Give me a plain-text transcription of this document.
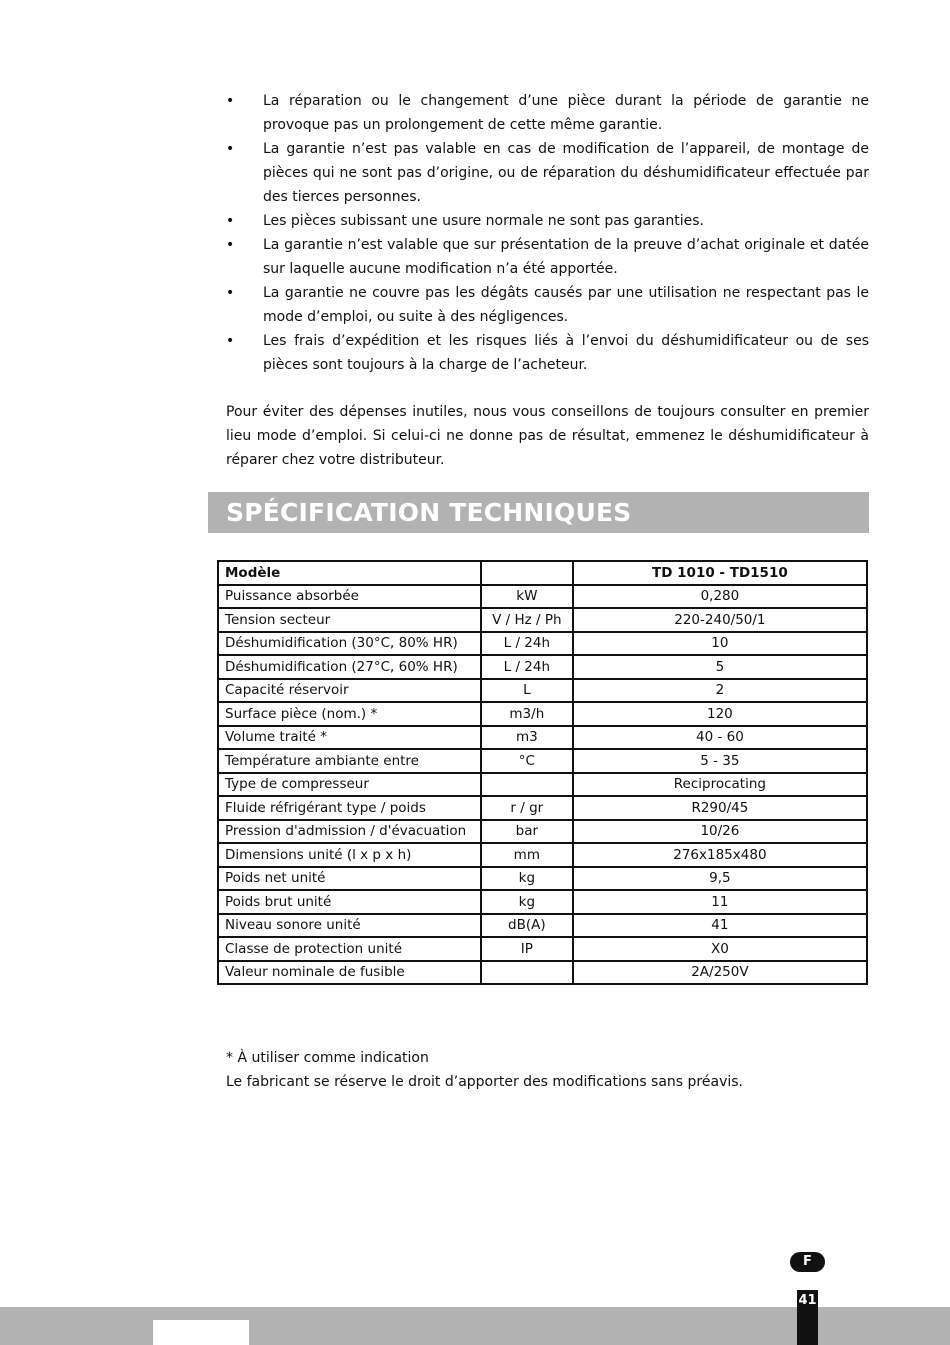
• La réparation ou le changement d’une pièce durant la période de garantie ne provoque pas un prolongement de cette même garantie.
• La garantie n’est pas valable en cas de modification de l’appareil, de montage de pièces qui ne sont pas d’origine, ou de réparation du déshumidificateur effectuée par des tierces personnes.
• Les pièces subissant une usure normale ne sont pas garanties.
• La garantie n’est valable que sur présentation de la preuve d’achat originale et datée sur laquelle aucune modification n’a été apportée.
• La garantie ne couvre pas les dégâts causés par une utilisation ne respectant pas le mode d’emploi, ou suite à des négligences.
• Les frais d’expédition et les risques liés à l’envoi du déshumidificateur ou de ses pièces sont toujours à la charge de l’acheteur.

Pour éviter des dépenses inutiles, nous vous conseillons de toujours consulter en premier lieu mode d’emploi. Si celui-ci ne donne pas de résultat, emmenez le déshumidificateur à réparer chez votre distributeur.

SPÉCIFICATION TECHNIQUES
Modèle		TD 1010 - TD1510
Puissance absorbée	kW	0,280
Tension secteur	V / Hz / Ph	220-240/50/1
Déshumidification (30°C, 80% HR)	L / 24h	10
Déshumidification (27°C, 60% HR)	L / 24h	5
Capacité réservoir	L	2
Surface pièce (nom.) *	m3/h	120
Volume traité *	m3	40 - 60
Température ambiante entre	°C	5 - 35
Type de compresseur		Reciprocating
Fluide réfrigérant type / poids	r / gr	R290/45
Pression d'admission / d'évacuation	bar	10/26
Dimensions unité (l x p x h)	mm	276x185x480
Poids net unité	kg	9,5
Poids brut unité	kg	11
Niveau sonore unité	dB(A)	41
Classe de protection unité	IP	X0
Valeur nominale de fusible		2A/250V
* À utiliser comme indication
Le fabricant se réserve le droit d’apporter des modifications sans préavis.
F
41
